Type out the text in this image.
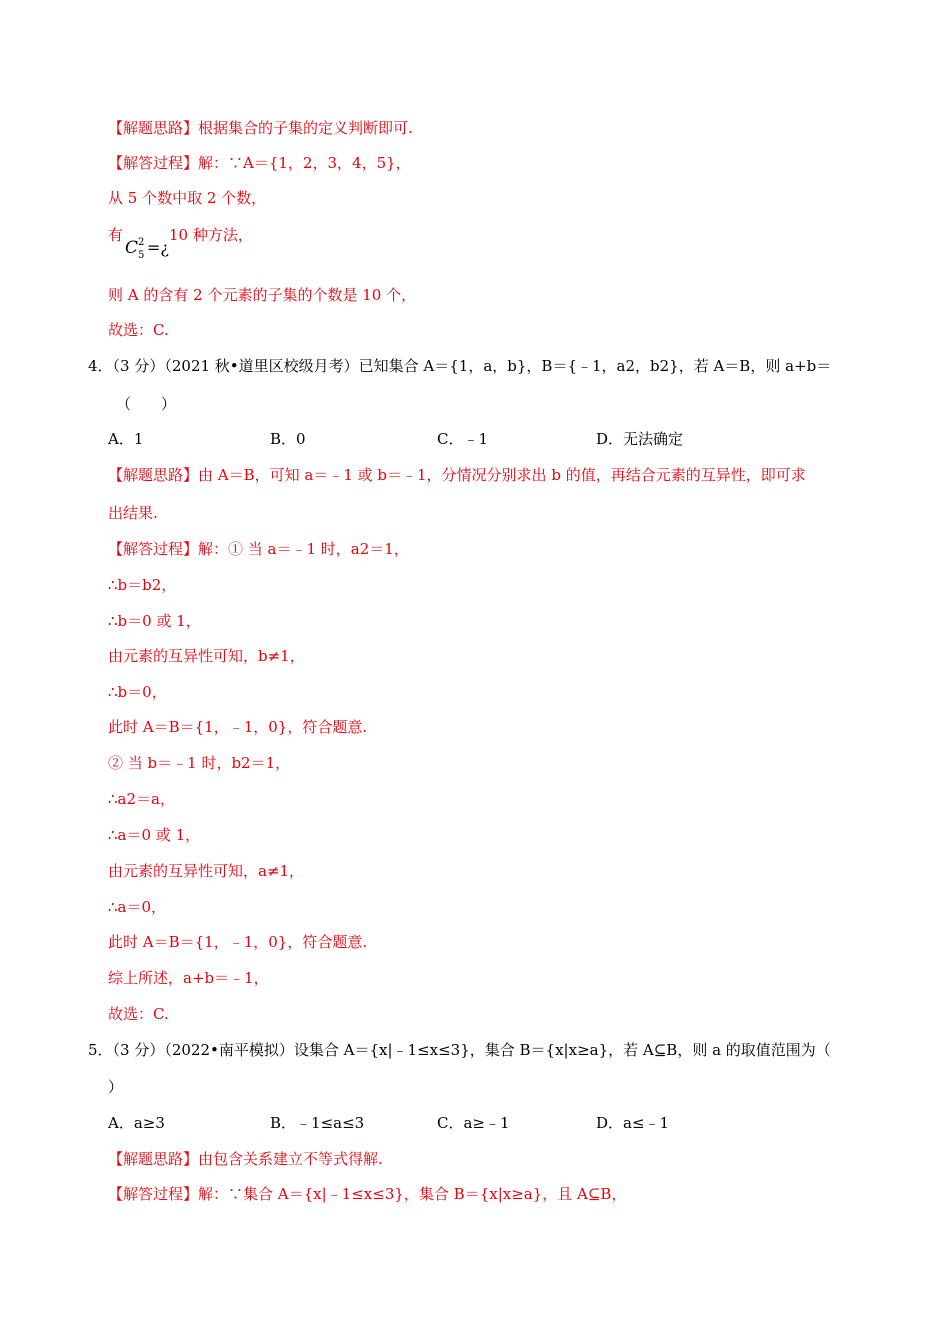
【解题思路】根据集合的子集的定义判断即可.
【解答过程】解：∵A＝{1，2，3，4，5}，
从 5 个数中取 2 个数，
有
C 2
5 =¿
10 种方法，
则 A 的含有 2 个元素的子集的个数是 10 个，
故选：C.
4．（3 分）（2021 秋•道里区校级月考）已知集合 A＝{1，a，b}，B＝{﹣1，a2，b2}，若 A＝B，则 a+b＝
（　　）
A．1	B．0	C．﹣1	D．无法确定
【解题思路】由 A＝B，可知 a＝﹣1 或 b＝﹣1，分情况分别求出 b 的值，再结合元素的互异性，即可求
出结果.
【解答过程】解：① 当 a＝﹣1 时，a2＝1，
∴b＝b2，
∴b＝0 或 1，
由元素的互异性可知，b≠1，
∴b＝0，
此时 A＝B＝{1，﹣1，0}，符合题意.
② 当 b＝﹣1 时，b2＝1，
∴a2＝a，
∴a＝0 或 1，
由元素的互异性可知，a≠1，
∴a＝0，
此时 A＝B＝{1，﹣1，0}，符合题意.
综上所述，a+b＝﹣1，
故选：C.
5．（3 分）（2022•南平模拟）设集合 A＝{x|﹣1≤x≤3}，集合 B＝{x|x≥a}，若 A⊆B，则 a 的取值范围为（
）
A．a≥3	B．﹣1≤a≤3	C．a≥﹣1	D．a≤﹣1
【解题思路】由包含关系建立不等式得解.
【解答过程】解：∵集合 A＝{x|﹣1≤x≤3}，集合 B＝{x|x≥a}，且 A⊆B，
